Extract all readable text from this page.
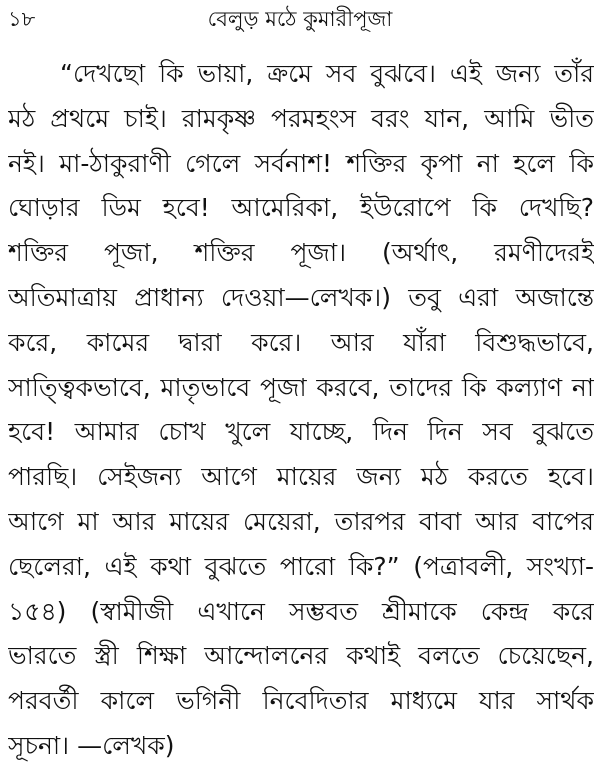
১৮	বেলুড় মঠে কুমারীপূজা
“দেখছো কি ভায়া, ক্রমে সব বুঝবে। এই জন্য তাঁর
মঠ প্রথমে চাই। রামকৃষ্ণ পরমহংস বরং যান, আমি ভীত
নই। মা-ঠাকুরাণী গেলে সর্বনাশ! শক্তির কৃপা না হলে কি
ঘোড়ার ডিম হবে! আমেরিকা, ইউরোপে কি দেখছি?
শক্তির পূজা, শক্তির পূজা। (অর্থাৎ, রমণীদেরই
অতিমাত্রায় প্রাধান্য দেওয়া—লেখক।) তবু এরা অজান্তে
করে, কামের দ্বারা করে। আর যাঁরা বিশুদ্ধভাবে,
সাত্ত্বিকভাবে, মাতৃভাবে পূজা করবে, তাদের কি কল্যাণ না
হবে! আমার চোখ খুলে যাচ্ছে, দিন দিন সব বুঝতে
পারছি। সেইজন্য আগে মায়ের জন্য মঠ করতে হবে।
আগে মা আর মায়ের মেয়েরা, তারপর বাবা আর বাপের
ছেলেরা, এই কথা বুঝতে পারো কি?” (পত্রাবলী, সংখ্যা-
১৫৪) (স্বামীজী এখানে সম্ভবত শ্রীমাকে কেন্দ্র করে
ভারতে স্ত্রী শিক্ষা আন্দোলনের কথাই বলতে চেয়েছেন,
পরবর্তী কালে ভগিনী নিবেদিতার মাধ্যমে যার সার্থক
সূচনা। —লেখক)
